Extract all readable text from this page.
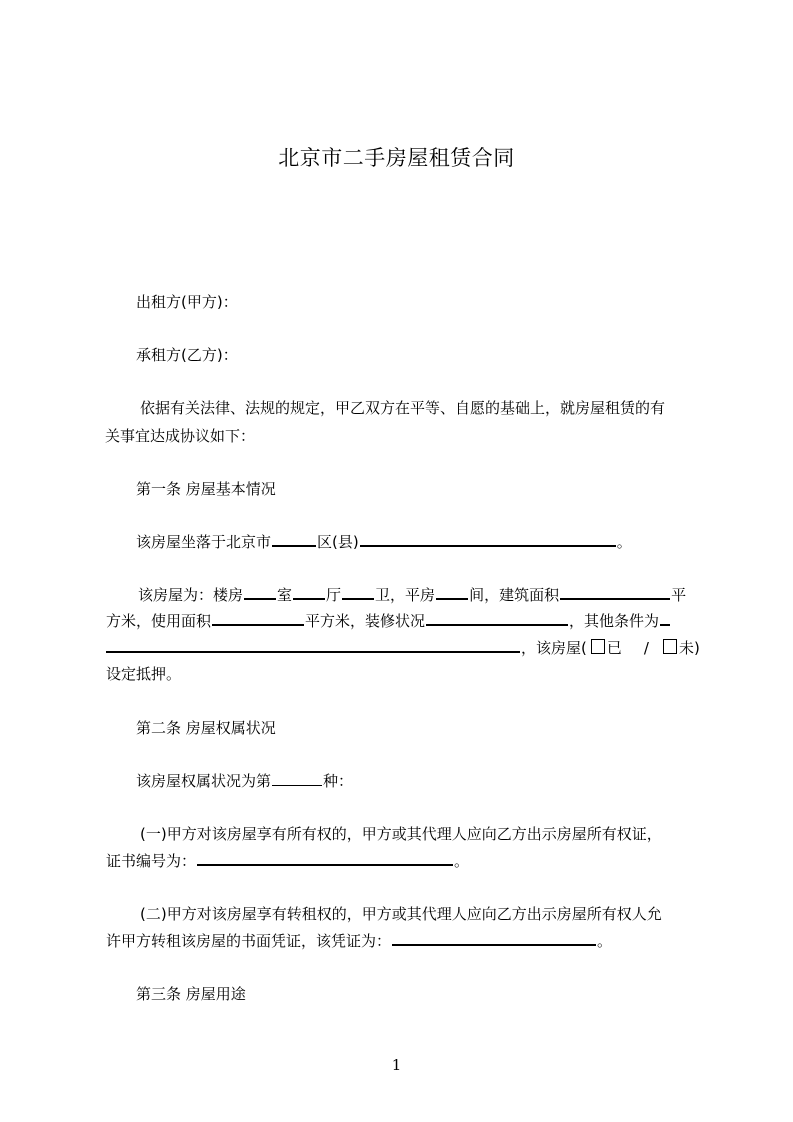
北京市二手房屋租赁合同
出租方(甲方)：
承租方(乙方)：
依据有关法律、法规的规定，甲乙双方在平等、自愿的基础上，就房屋租赁的有
关事宜达成协议如下：
第一条 房屋基本情况
该房屋坐落于北京市	区(县)	。
该房屋为：楼房 室 厅 卫，平房 间，建筑面积	平
方米，使用面积	平方米，装修状况	，其他条件为
，该房屋( 已 / 未)
设定抵押。
第二条 房屋权属状况
该房屋权属状况为第	种：
(一)甲方对该房屋享有所有权的，甲方或其代理人应向乙方出示房屋所有权证，
证书编号为：	。
(二)甲方对该房屋享有转租权的，甲方或其代理人应向乙方出示房屋所有权人允
许甲方转租该房屋的书面凭证，该凭证为：	。
第三条 房屋用途
1
